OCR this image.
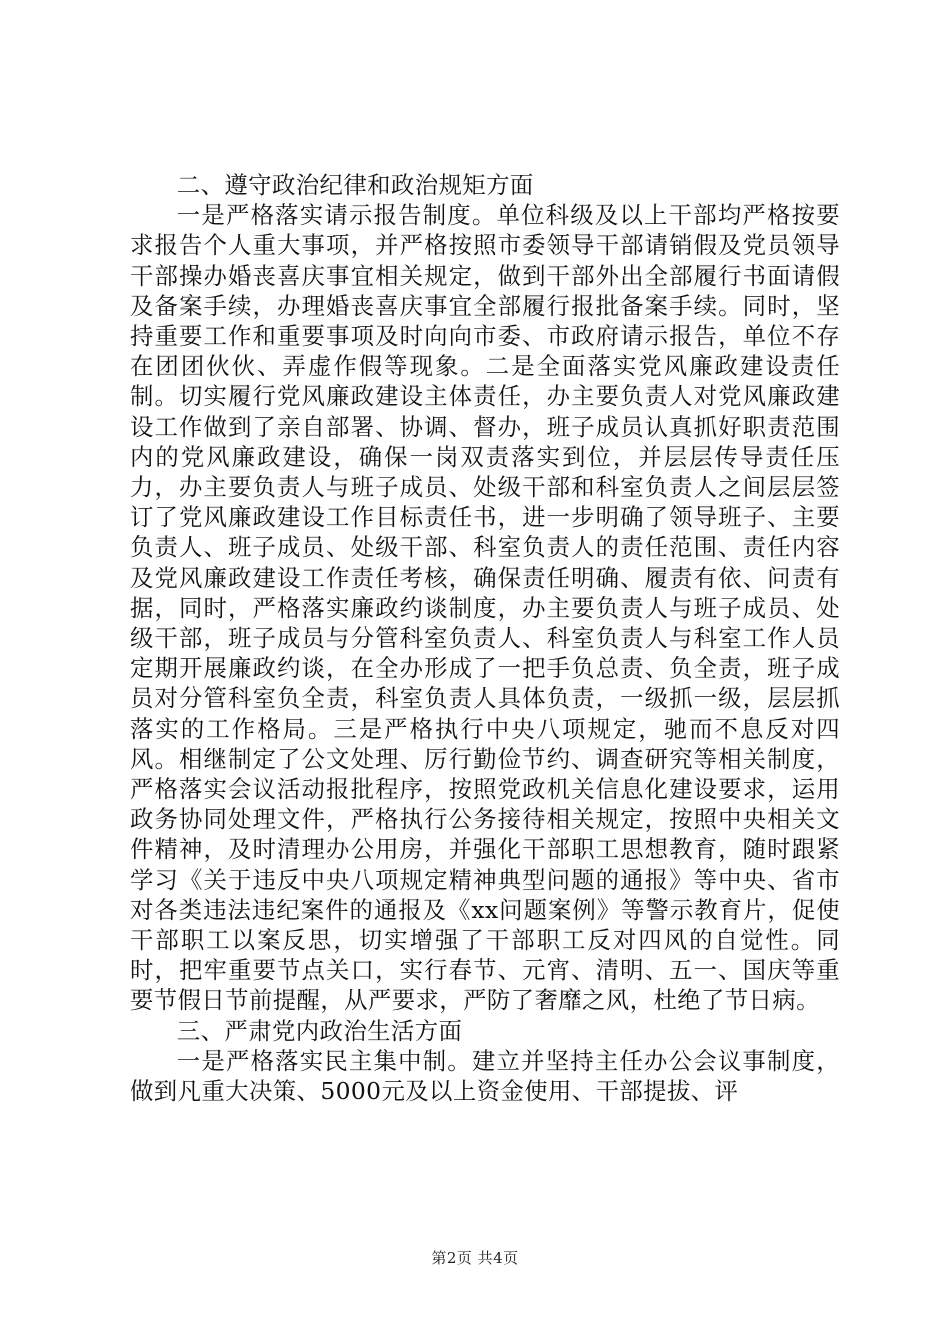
二、遵守政治纪律和政治规矩方面

一是严格落实请示报告制度。单位科级及以上干部均严格按要求报告个人重大事项，并严格按照市委领导干部请销假及党员领导干部操办婚丧喜庆事宜相关规定，做到干部外出全部履行书面请假及备案手续，办理婚丧喜庆事宜全部履行报批备案手续。同时，坚持重要工作和重要事项及时向向市委、市政府请示报告，单位不存在团团伙伙、弄虚作假等现象。二是全面落实党风廉政建设责任制。切实履行党风廉政建设主体责任，办主要负责人对党风廉政建设工作做到了亲自部署、协调、督办，班子成员认真抓好职责范围内的党风廉政建设，确保一岗双责落实到位，并层层传导责任压力，办主要负责人与班子成员、处级干部和科室负责人之间层层签订了党风廉政建设工作目标责任书，进一步明确了领导班子、主要负责人、班子成员、处级干部、科室负责人的责任范围、责任内容及党风廉政建设工作责任考核，确保责任明确、履责有依、问责有据，同时，严格落实廉政约谈制度，办主要负责人与班子成员、处级干部，班子成员与分管科室负责人、科室负责人与科室工作人员定期开展廉政约谈，在全办形成了一把手负总责、负全责，班子成员对分管科室负全责，科室负责人具体负责，一级抓一级，层层抓落实的工作格局。三是严格执行中央八项规定，驰而不息反对四风。相继制定了公文处理、厉行勤俭节约、调查研究等相关制度，严格落实会议活动报批程序，按照党政机关信息化建设要求，运用政务协同处理文件，严格执行公务接待相关规定，按照中央相关文件精神，及时清理办公用房，并强化干部职工思想教育，随时跟紧学习《关于违反中央八项规定精神典型问题的通报》等中央、省市对各类违法违纪案件的通报及《xx问题案例》等警示教育片，促使干部职工以案反思，切实增强了干部职工反对四风的自觉性。同时，把牢重要节点关口，实行春节、元宵、清明、五一、国庆等重要节假日节前提醒，从严要求，严防了奢靡之风，杜绝了节日病。

三、严肃党内政治生活方面

一是严格落实民主集中制。建立并坚持主任办公会议事制度，做到凡重大决策、5000元及以上资金使用、干部提拔、评

第2页 共4页
